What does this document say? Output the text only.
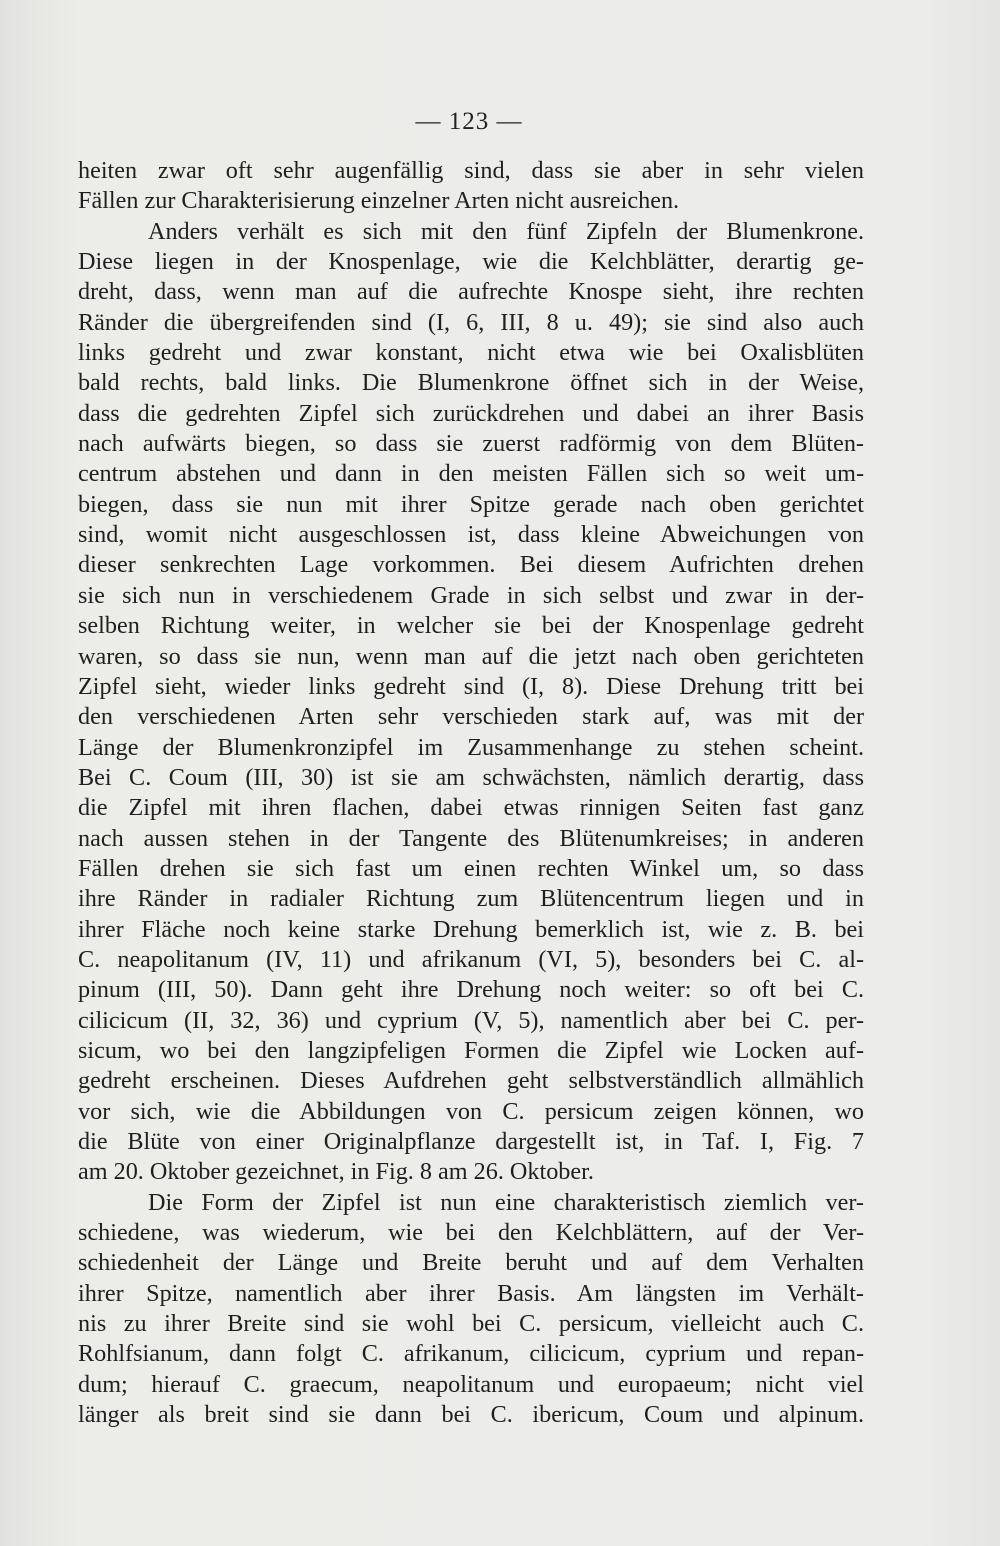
— 123 —
heiten zwar oft sehr augenfällig sind, dass sie aber in sehr vielen
Fällen zur Charakterisierung einzelner Arten nicht ausreichen.
Anders verhält es sich mit den fünf Zipfeln der Blumenkrone.
Diese liegen in der Knospenlage, wie die Kelchblätter, derartig ge-
dreht, dass, wenn man auf die aufrechte Knospe sieht, ihre rechten
Ränder die übergreifenden sind (I, 6, III, 8 u. 49); sie sind also auch
links gedreht und zwar konstant, nicht etwa wie bei Oxalisblüten
bald rechts, bald links. Die Blumenkrone öffnet sich in der Weise,
dass die gedrehten Zipfel sich zurückdrehen und dabei an ihrer Basis
nach aufwärts biegen, so dass sie zuerst radförmig von dem Blüten-
centrum abstehen und dann in den meisten Fällen sich so weit um-
biegen, dass sie nun mit ihrer Spitze gerade nach oben gerichtet
sind, womit nicht ausgeschlossen ist, dass kleine Abweichungen von
dieser senkrechten Lage vorkommen. Bei diesem Aufrichten drehen
sie sich nun in verschiedenem Grade in sich selbst und zwar in der-
selben Richtung weiter, in welcher sie bei der Knospenlage gedreht
waren, so dass sie nun, wenn man auf die jetzt nach oben gerichteten
Zipfel sieht, wieder links gedreht sind (I, 8). Diese Drehung tritt bei
den verschiedenen Arten sehr verschieden stark auf, was mit der
Länge der Blumenkronzipfel im Zusammenhange zu stehen scheint.
Bei C. Coum (III, 30) ist sie am schwächsten, nämlich derartig, dass
die Zipfel mit ihren flachen, dabei etwas rinnigen Seiten fast ganz
nach aussen stehen in der Tangente des Blütenumkreises; in anderen
Fällen drehen sie sich fast um einen rechten Winkel um, so dass
ihre Ränder in radialer Richtung zum Blütencentrum liegen und in
ihrer Fläche noch keine starke Drehung bemerklich ist, wie z. B. bei
C. neapolitanum (IV, 11) und afrikanum (VI, 5), besonders bei C. al-
pinum (III, 50). Dann geht ihre Drehung noch weiter: so oft bei C.
cilicicum (II, 32, 36) und cyprium (V, 5), namentlich aber bei C. per-
sicum, wo bei den langzipfeligen Formen die Zipfel wie Locken auf-
gedreht erscheinen. Dieses Aufdrehen geht selbstverständlich allmählich
vor sich, wie die Abbildungen von C. persicum zeigen können, wo
die Blüte von einer Originalpflanze dargestellt ist, in Taf. I, Fig. 7
am 20. Oktober gezeichnet, in Fig. 8 am 26. Oktober.
Die Form der Zipfel ist nun eine charakteristisch ziemlich ver-
schiedene, was wiederum, wie bei den Kelchblättern, auf der Ver-
schiedenheit der Länge und Breite beruht und auf dem Verhalten
ihrer Spitze, namentlich aber ihrer Basis. Am längsten im Verhält-
nis zu ihrer Breite sind sie wohl bei C. persicum, vielleicht auch C.
Rohlfsianum, dann folgt C. afrikanum, cilicicum, cyprium und repan-
dum; hierauf C. graecum, neapolitanum und europaeum; nicht viel
länger als breit sind sie dann bei C. ibericum, Coum und alpinum.
